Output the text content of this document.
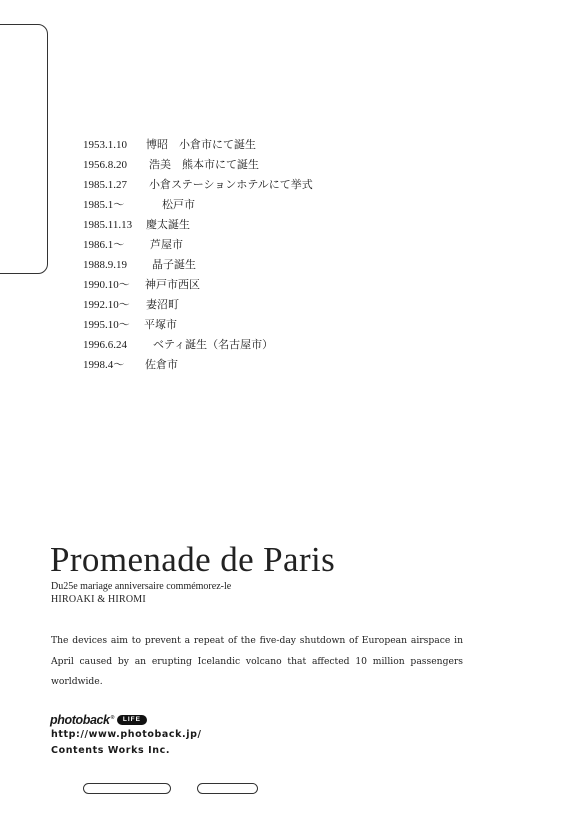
1953.1.10 博昭　小倉市にて誕生
1956.8.20 浩美　熊本市にて誕生
1985.1.27 小倉ステーションホテルにて挙式
1985.1〜	松戸市
1985.11.13 慶太誕生
1986.1〜 芦屋市
1988.9.19 晶子誕生
1990.10〜 神戸市西区
1992.10〜 妻沼町
1995.10〜 平塚市
1996.6.24 ベティ誕生（名古屋市）
1998.4〜 佐倉市
Promenade de Paris
Du25e mariage anniversaire commémorez-le
HIROAKI & HIROMI

The devices aim to prevent a repeat of the five-day shutdown of European airspace in April caused by an erupting Icelandic volcano that affected 10 million passengers worldwide.

photoback®	LIFE
http://www.photoback.jp/
Contents Works Inc.
